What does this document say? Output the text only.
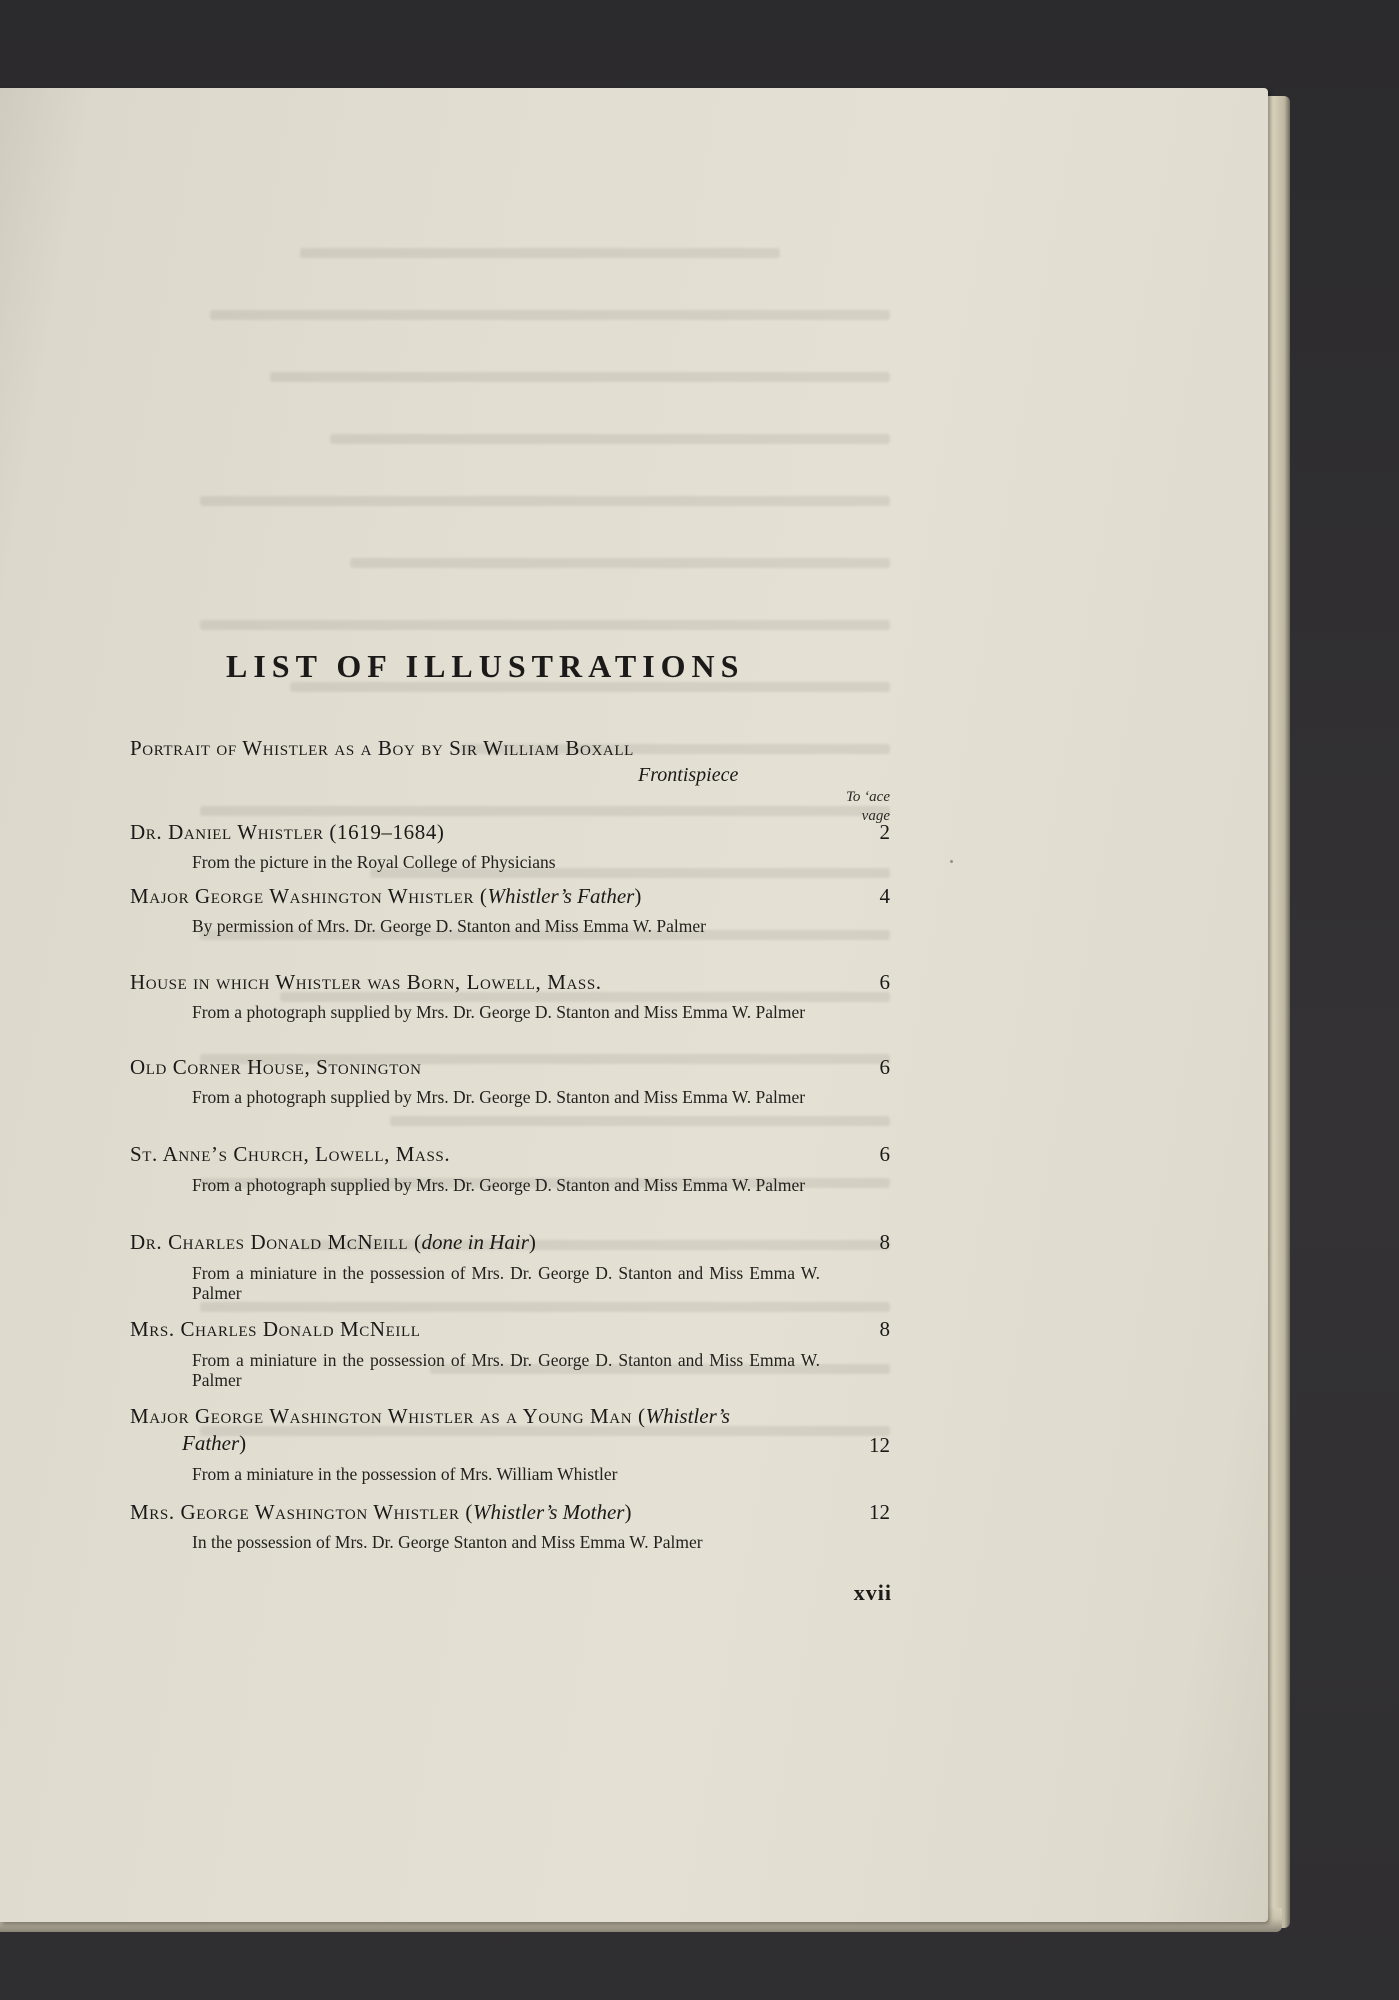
LIST OF ILLUSTRATIONS
Portrait of Whistler as a Boy by Sir William Boxall
Frontispiece
To ‘ace
vage
Dr. Daniel Whistler (1619–1684)	2
From the picture in the Royal College of Physicians
Major George Washington Whistler (Whistler’s Father)	4
By permission of Mrs. Dr. George D. Stanton and Miss Emma W. Palmer
House in which Whistler was Born, Lowell, Mass.	6
From a photograph supplied by Mrs. Dr. George D. Stanton and Miss Emma W. Palmer
Old Corner House, Stonington	6
From a photograph supplied by Mrs. Dr. George D. Stanton and Miss Emma W. Palmer
St. Anne’s Church, Lowell, Mass.	6
From a photograph supplied by Mrs. Dr. George D. Stanton and Miss Emma W. Palmer
Dr. Charles Donald McNeill (done in Hair)	8
From a miniature in the possession of Mrs. Dr. George D. Stanton and Miss Emma W. Palmer
Mrs. Charles Donald McNeill	8
From a miniature in the possession of Mrs. Dr. George D. Stanton and Miss Emma W. Palmer
Major George Washington Whistler as a Young Man (Whistler’s
Father)	12
From a miniature in the possession of Mrs. William Whistler
Mrs. George Washington Whistler (Whistler’s Mother)	12
In the possession of Mrs. Dr. George Stanton and Miss Emma W. Palmer
xvii
